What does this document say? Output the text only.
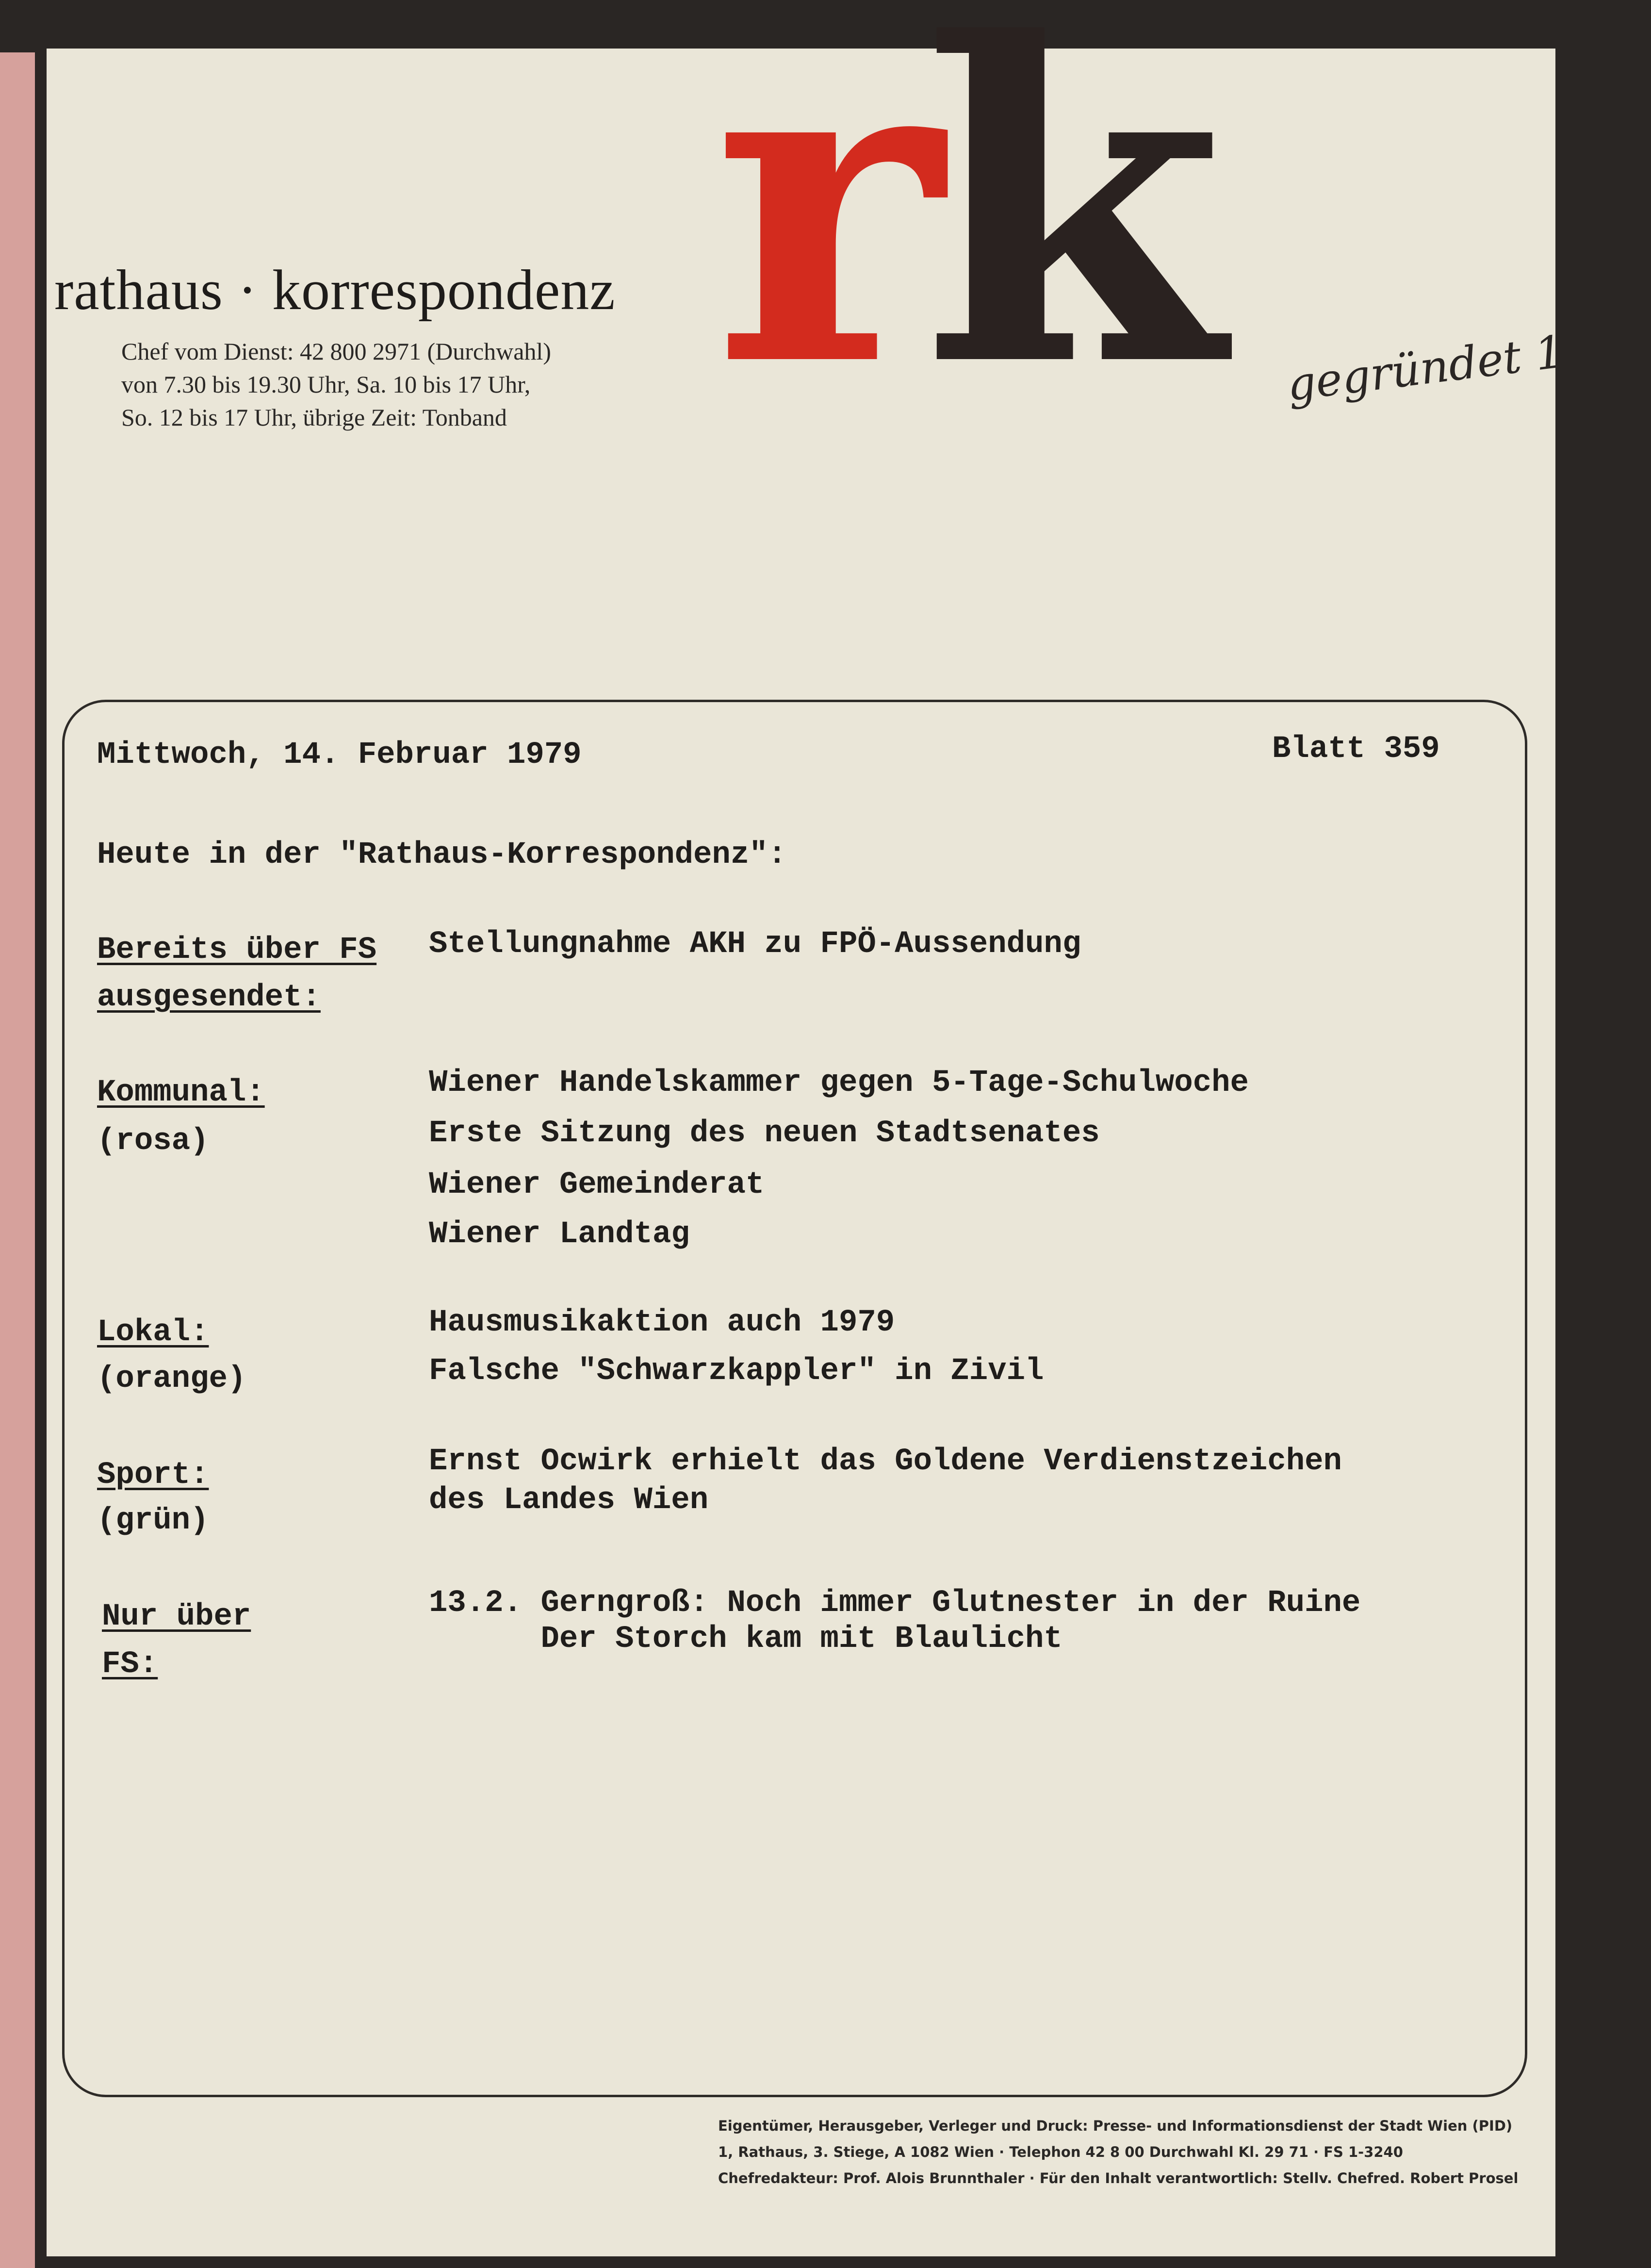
rathaus · korrespondenz
Chef vom Dienst: 42 800 2971 (Durchwahl)
von 7.30 bis 19.30 Uhr, Sa. 10 bis 17 Uhr,
So. 12 bis 17 Uhr, übrige Zeit: Tonband r
k	gegründet 1861
Mittwoch, 14. Februar 1979	Blatt 359
Heute in der "Rathaus-Korrespondenz":
Bereits über FS
ausgesendet:
Stellungnahme AKH zu FPÖ-Aussendung
Kommunal:
(rosa)
Wiener Handelskammer gegen 5-Tage-Schulwoche
Erste Sitzung des neuen Stadtsenates
Wiener Gemeinderat
Wiener Landtag
Lokal:
(orange)
Hausmusikaktion auch 1979
Falsche "Schwarzkappler" in Zivil
Sport:
(grün)
Ernst Ocwirk erhielt das Goldene Verdienstzeichen
des Landes Wien
Nur über
FS:
13.2. Gerngroß: Noch immer Glutnester in der Ruine
Der Storch kam mit Blaulicht
Eigentümer, Herausgeber, Verleger und Druck: Presse- und Informationsdienst der Stadt Wien (PID)
1, Rathaus, 3. Stiege, A 1082 Wien · Telephon 42 8 00 Durchwahl Kl. 29 71 · FS 1-3240
Chefredakteur: Prof. Alois Brunnthaler · Für den Inhalt verantwortlich: Stellv. Chefred. Robert Prosel
